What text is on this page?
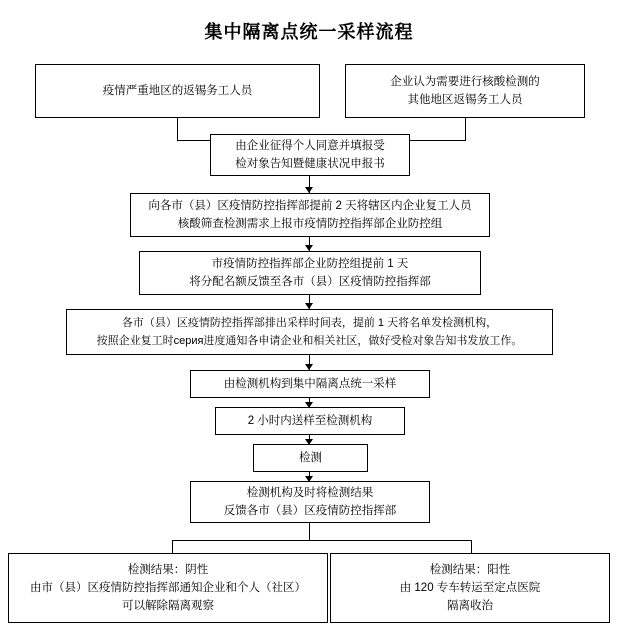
集中隔离点统一采样流程
疫情严重地区的返锡务工人员
企业认为需要进行核酸检测的
其他地区返锡务工人员
由企业征得个人同意并填报受
检对象告知暨健康状况申报书
向各市（县）区疫情防控指挥部提前 2 天将辖区内企业复工人员
核酸筛查检测需求上报市疫情防控指挥部企业防控组
市疫情防控指挥部企业防控组提前 1 天
将分配名额反馈至各市（县）区疫情防控指挥部
各市（县）区疫情防控指挥部排出采样时间表，提前 1 天将名单发检测机构，
按照企业复工时серия进度通知各申请企业和相关社区，做好受检对象告知书发放工作。
由检测机构到集中隔离点统一采样
2 小时内送样至检测机构
检测
检测机构及时将检测结果
反馈各市（县）区疫情防控指挥部
检测结果：阴性
由市（县）区疫情防控指挥部通知企业和个人（社区）
可以解除隔离观察
检测结果：阳性
由 120 专车转运至定点医院
隔离收治
